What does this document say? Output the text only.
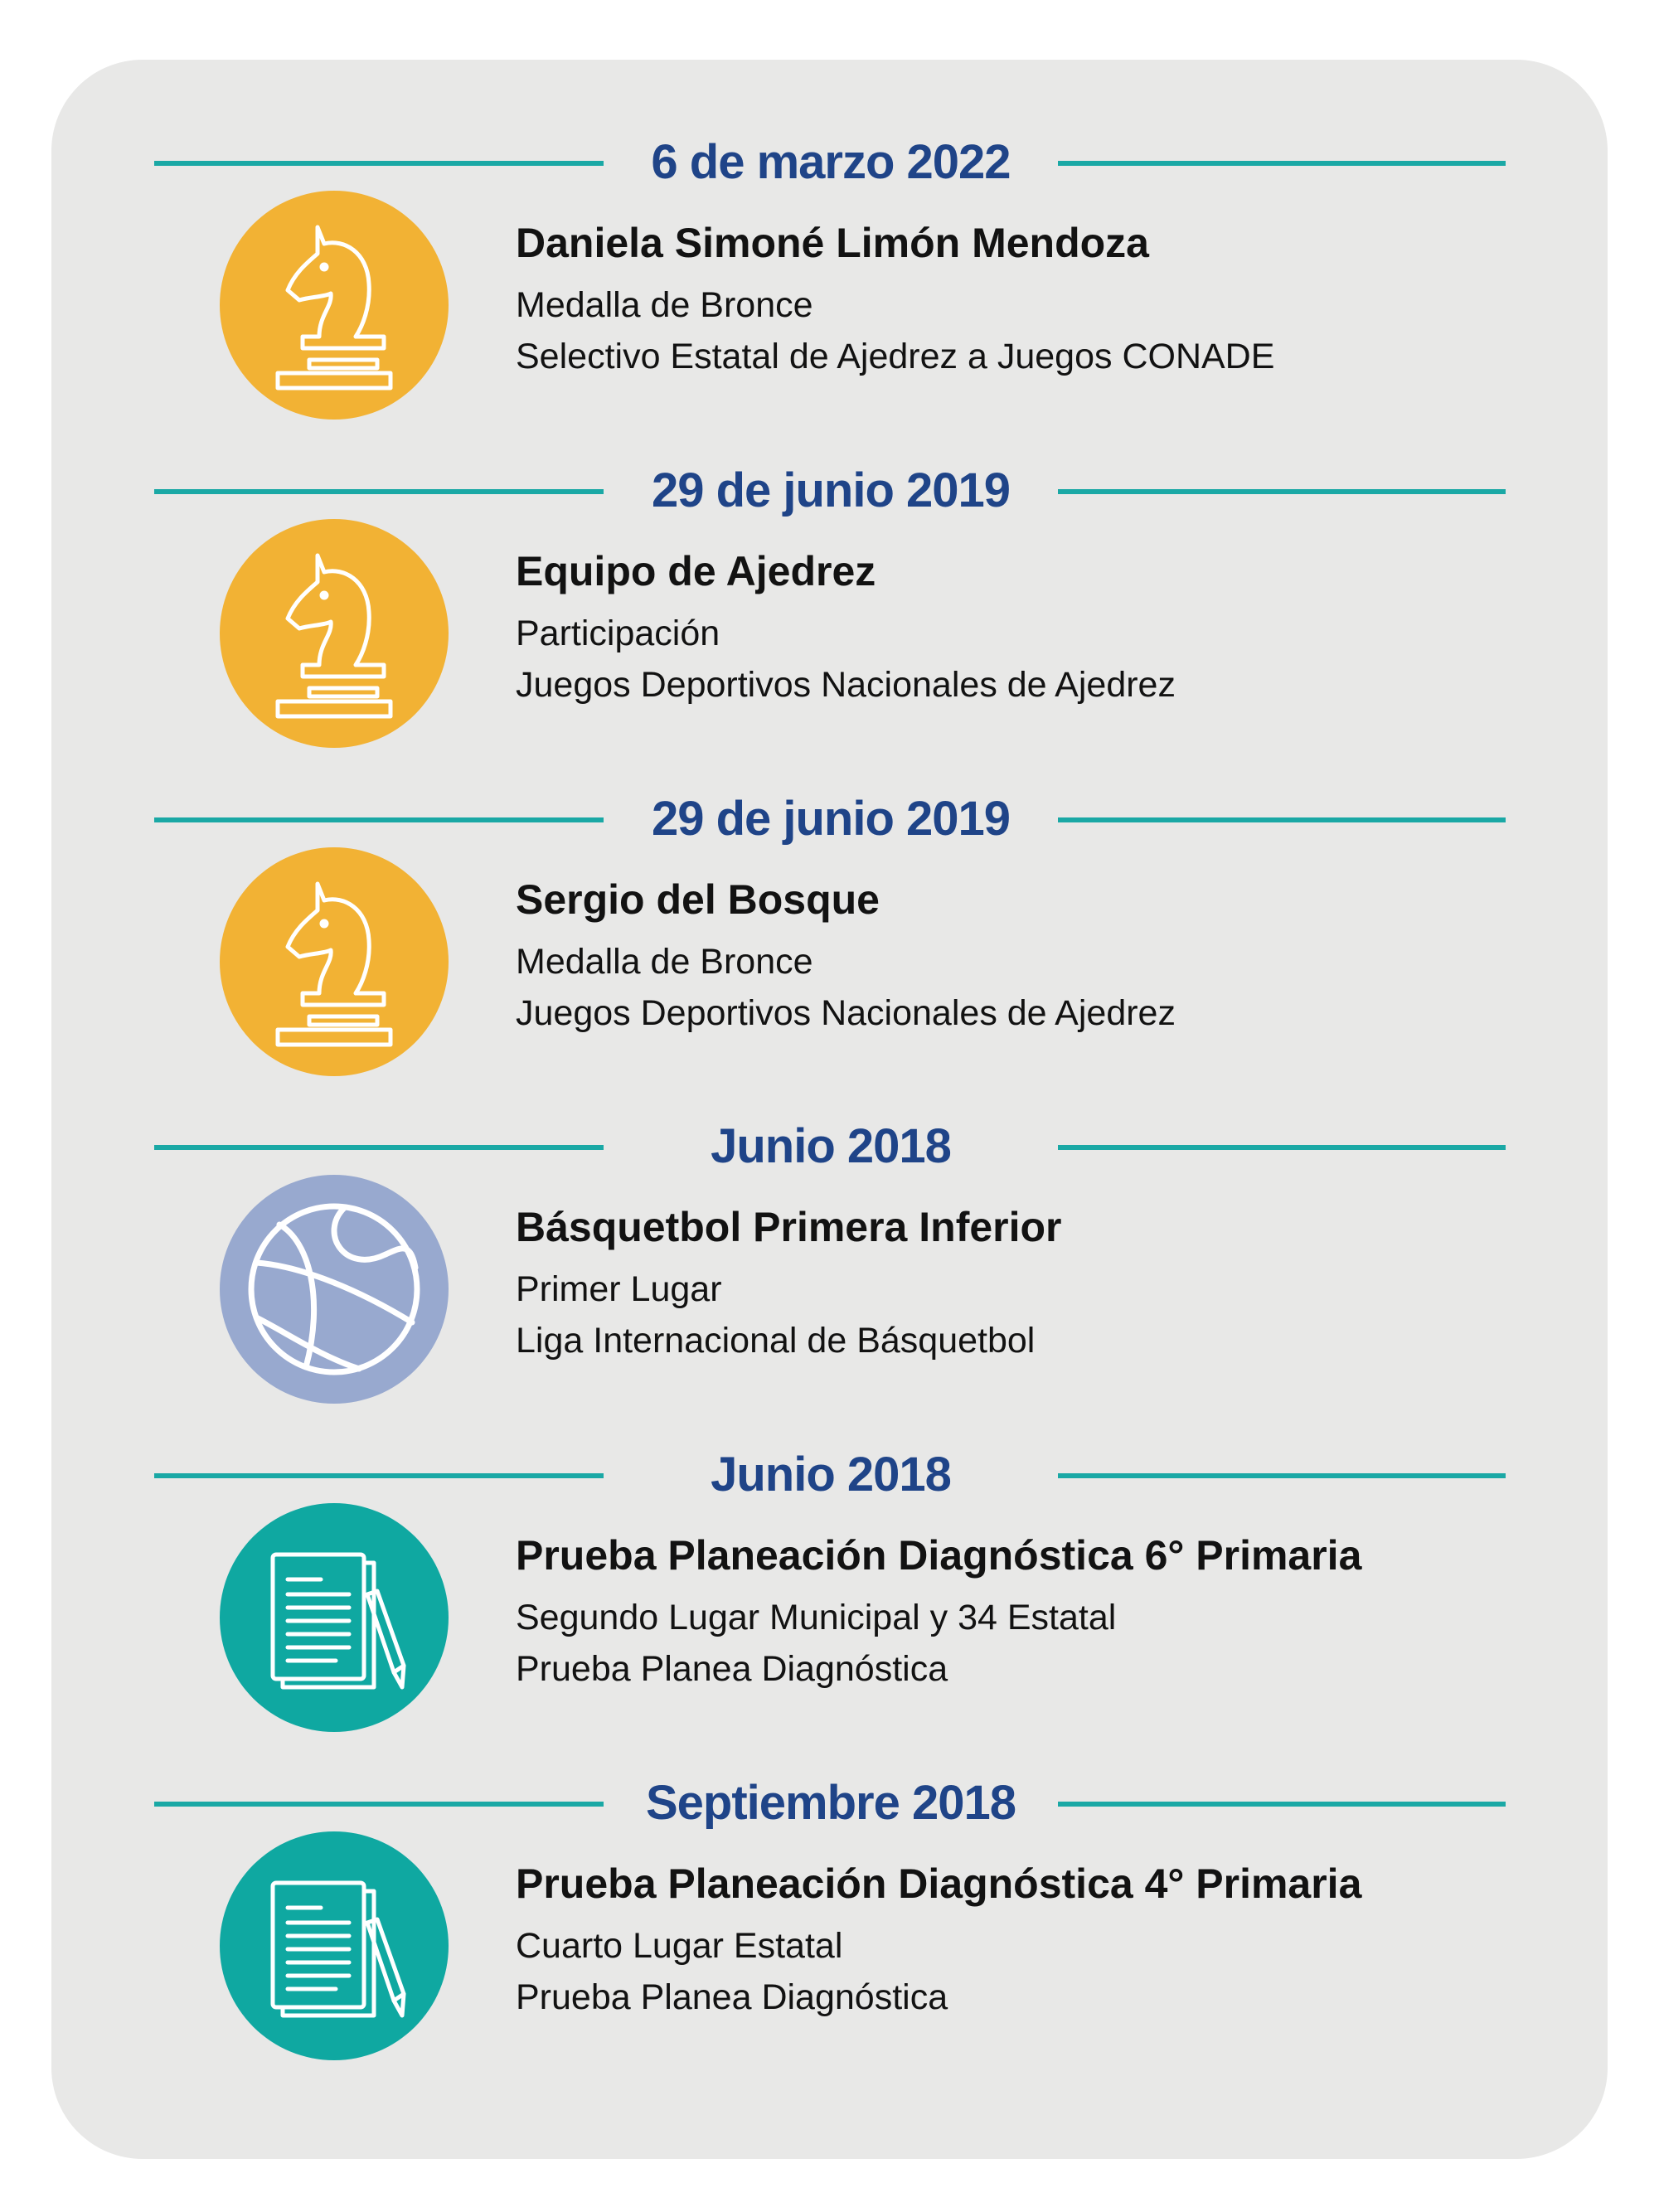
6 de marzo 2022
Daniela Simoné Limón Mendoza
Medalla de Bronce
Selectivo Estatal de Ajedrez a Juegos CONADE
29 de junio 2019
Equipo de Ajedrez
Participación
Juegos Deportivos Nacionales de Ajedrez
29 de junio 2019
Sergio del Bosque
Medalla de Bronce
Juegos Deportivos Nacionales de Ajedrez
Junio 2018
Básquetbol Primera Inferior
Primer Lugar
Liga Internacional de Básquetbol
Junio 2018
Prueba Planeación Diagnóstica 6° Primaria
Segundo Lugar Municipal y 34 Estatal
Prueba Planea Diagnóstica
Septiembre 2018
Prueba Planeación Diagnóstica 4° Primaria
Cuarto Lugar Estatal
Prueba Planea Diagnóstica
